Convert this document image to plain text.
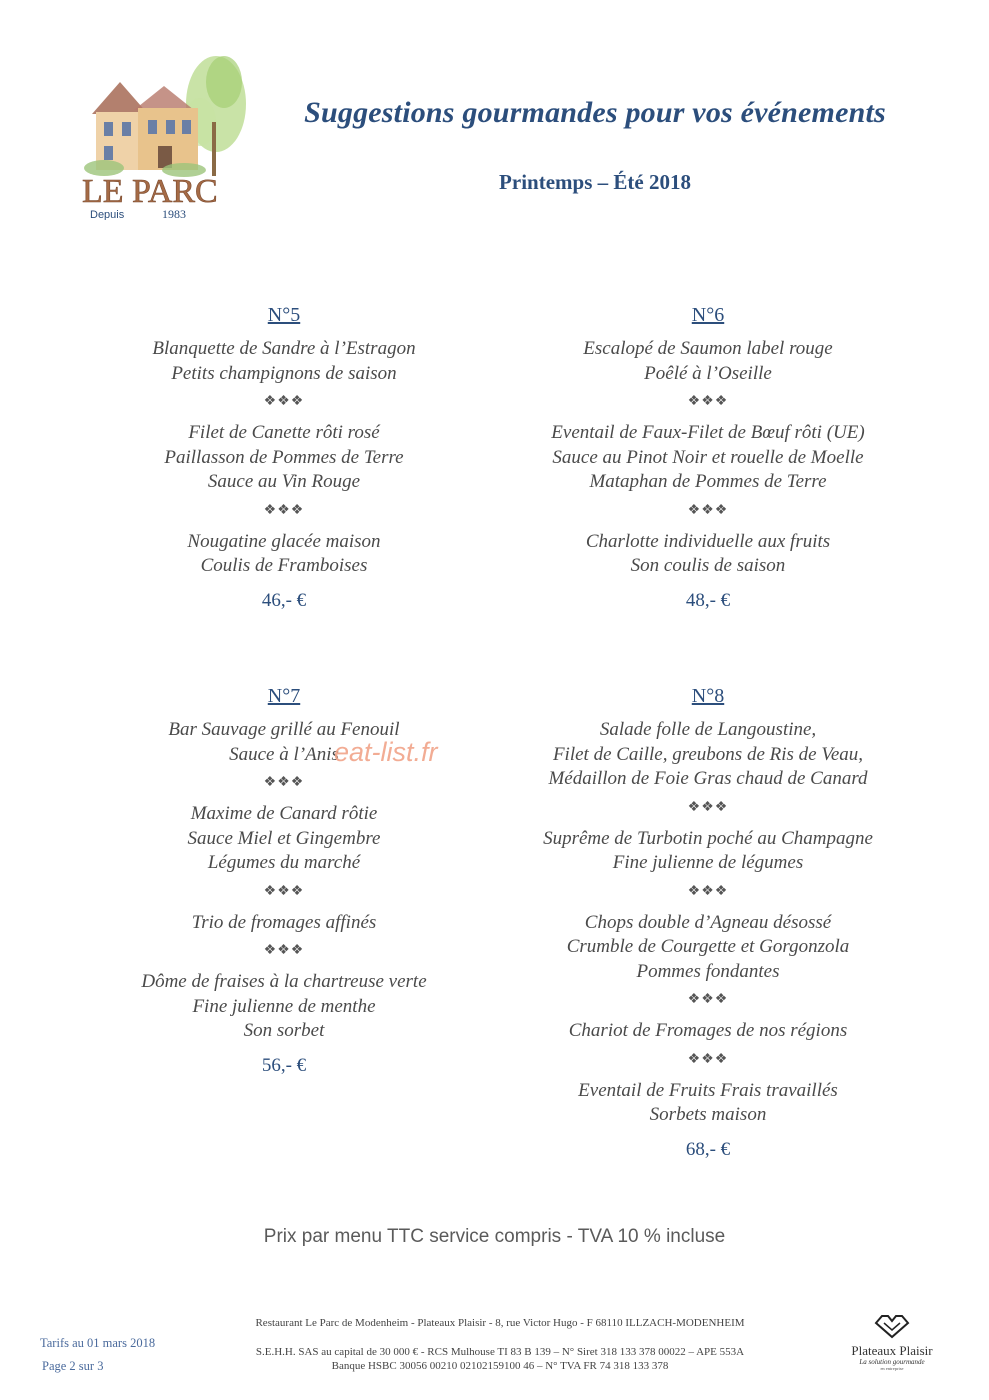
LE PARC
Depuis	1983
Suggestions gourmandes pour vos événements
Printemps – Été 2018
N°5
Blanquette de Sandre à l’Estragon
Petits champignons de saison
❖❖❖
Filet de Canette rôti rosé
Paillasson de Pommes de Terre
Sauce au Vin Rouge
❖❖❖
Nougatine glacée maison
Coulis de Framboises
46,- €
N°6
Escalopé de Saumon label rouge
Poêlé à l’Oseille
❖❖❖
Eventail de Faux-Filet de Bœuf rôti (UE)
Sauce au Pinot Noir et rouelle de Moelle
Mataphan de Pommes de Terre
❖❖❖
Charlotte individuelle aux fruits
Son coulis de saison
48,- €
N°7
Bar Sauvage grillé au Fenouil
Sauce à l’Anis
❖❖❖
Maxime de Canard rôtie
Sauce Miel et Gingembre
Légumes du marché
❖❖❖
Trio de fromages affinés
❖❖❖
Dôme de fraises à la chartreuse verte
Fine julienne de menthe
Son sorbet
56,- €
N°8
Salade folle de Langoustine,
Filet de Caille, greubons de Ris de Veau,
Médaillon de Foie Gras chaud de Canard
❖❖❖
Suprême de Turbotin poché au Champagne
Fine julienne de légumes
❖❖❖
Chops double d’Agneau désossé
Crumble de Courgette et Gorgonzola
Pommes fondantes
❖❖❖
Chariot de Fromages de nos régions
❖❖❖
Eventail de Fruits Frais travaillés
Sorbets maison
68,- €
eat-list.fr
Prix par menu TTC service compris - TVA 10 % incluse
Restaurant Le Parc de Modenheim - Plateaux Plaisir - 8, rue Victor Hugo - F 68110 ILLZACH-MODENHEIM
S.E.H.H. SAS au capital de 30 000 € - RCS Mulhouse TI 83 B 139 – N° Siret 318 133 378 00022 – APE 553A
Banque HSBC 30056 00210 02102159100 46 – N° TVA FR 74 318 133 378
Tarifs au 01 mars 2018
Page 2 sur 3
Plateaux Plaisir
La solution gourmande
en entreprise
